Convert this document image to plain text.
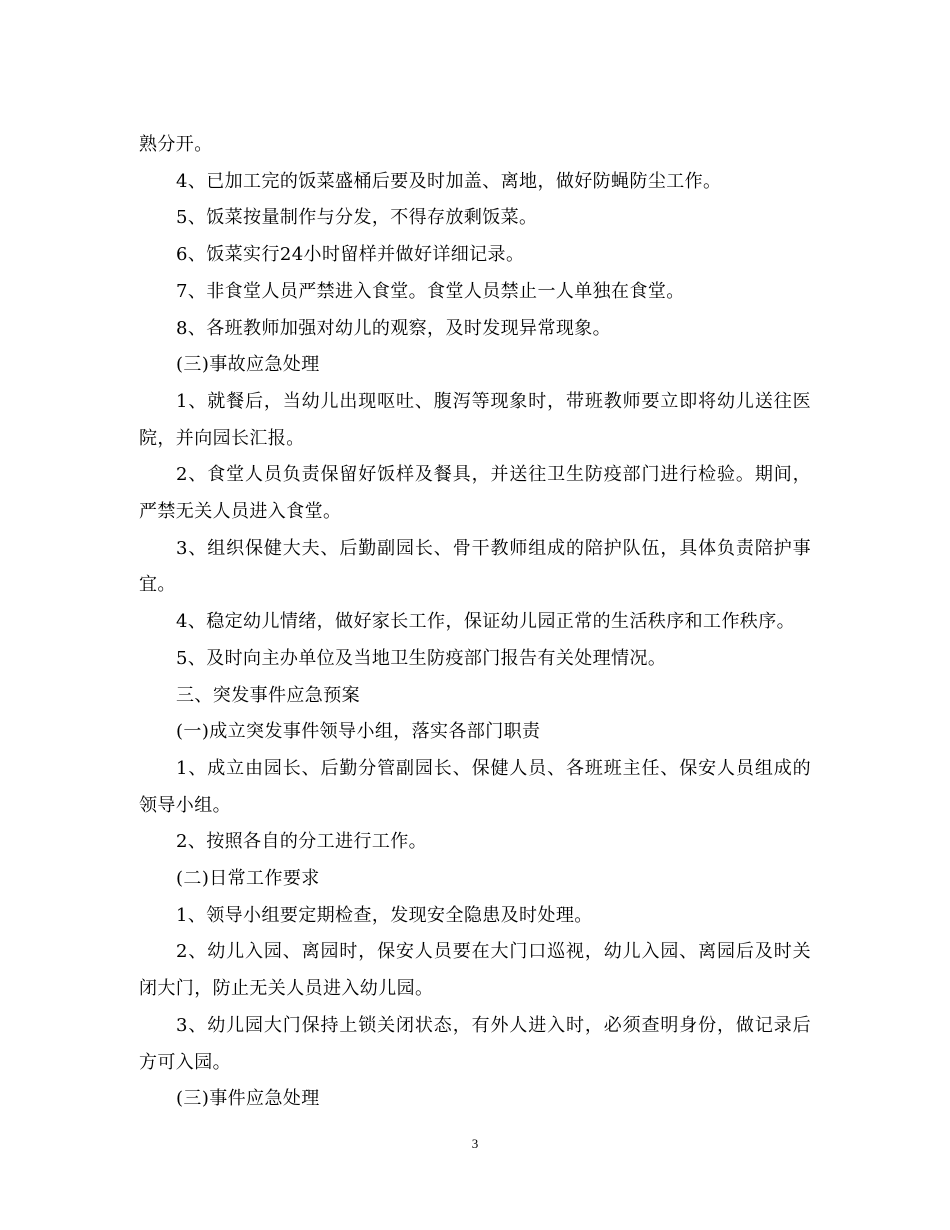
熟分开。

4、已加工完的饭菜盛桶后要及时加盖、离地，做好防蝇防尘工作。

5、饭菜按量制作与分发，不得存放剩饭菜。

6、饭菜实行24小时留样并做好详细记录。

7、非食堂人员严禁进入食堂。食堂人员禁止一人单独在食堂。

8、各班教师加强对幼儿的观察，及时发现异常现象。

(三)事故应急处理

1、就餐后，当幼儿出现呕吐、腹泻等现象时，带班教师要立即将幼儿送往医院，并向园长汇报。

2、食堂人员负责保留好饭样及餐具，并送往卫生防疫部门进行检验。期间，严禁无关人员进入食堂。

3、组织保健大夫、后勤副园长、骨干教师组成的陪护队伍，具体负责陪护事宜。

4、稳定幼儿情绪，做好家长工作，保证幼儿园正常的生活秩序和工作秩序。

5、及时向主办单位及当地卫生防疫部门报告有关处理情况。

三、突发事件应急预案

(一)成立突发事件领导小组，落实各部门职责

1、成立由园长、后勤分管副园长、保健人员、各班班主任、保安人员组成的领导小组。

2、按照各自的分工进行工作。

(二)日常工作要求

1、领导小组要定期检查，发现安全隐患及时处理。

2、幼儿入园、离园时，保安人员要在大门口巡视，幼儿入园、离园后及时关闭大门，防止无关人员进入幼儿园。

3、幼儿园大门保持上锁关闭状态，有外人进入时，必须查明身份，做记录后方可入园。

(三)事件应急处理

3
